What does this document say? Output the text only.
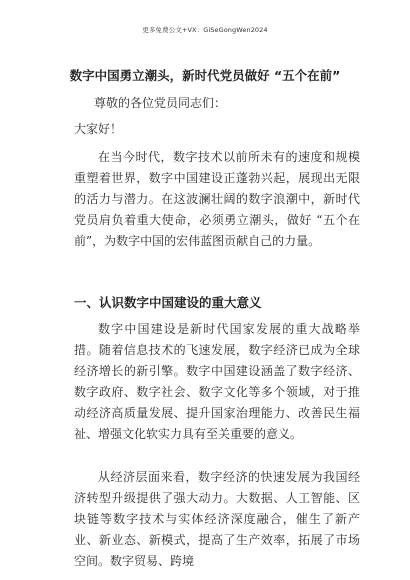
更多免费公文+VX：GiSeGongWen2024
数字中国勇立潮头，新时代党员做好 “五个在前”
尊敬的各位党员同志们：
大家好！
在当今时代，数字技术以前所未有的速度和规模重塑着世界，数字中国建设正蓬勃兴起，展现出无限的活力与潜力。在这波澜壮阔的数字浪潮中，新时代党员肩负着重大使命，必须勇立潮头，做好 “五个在前”，为数字中国的宏伟蓝图贡献自己的力量。
一、认识数字中国建设的重大意义
数字中国建设是新时代国家发展的重大战略举措。随着信息技术的飞速发展，数字经济已成为全球经济增长的新引擎。数字中国建设涵盖了数字经济、数字政府、数字社会、数字文化等多个领域，对于推动经济高质量发展、提升国家治理能力、改善民生福祉、增强文化软实力具有至关重要的意义。
从经济层面来看，数字经济的快速发展为我国经济转型升级提供了强大动力。大数据、人工智能、区块链等数字技术与实体经济深度融合，催生了新产业、新业态、新模式，提高了生产效率，拓展了市场空间。数字贸易、跨境
